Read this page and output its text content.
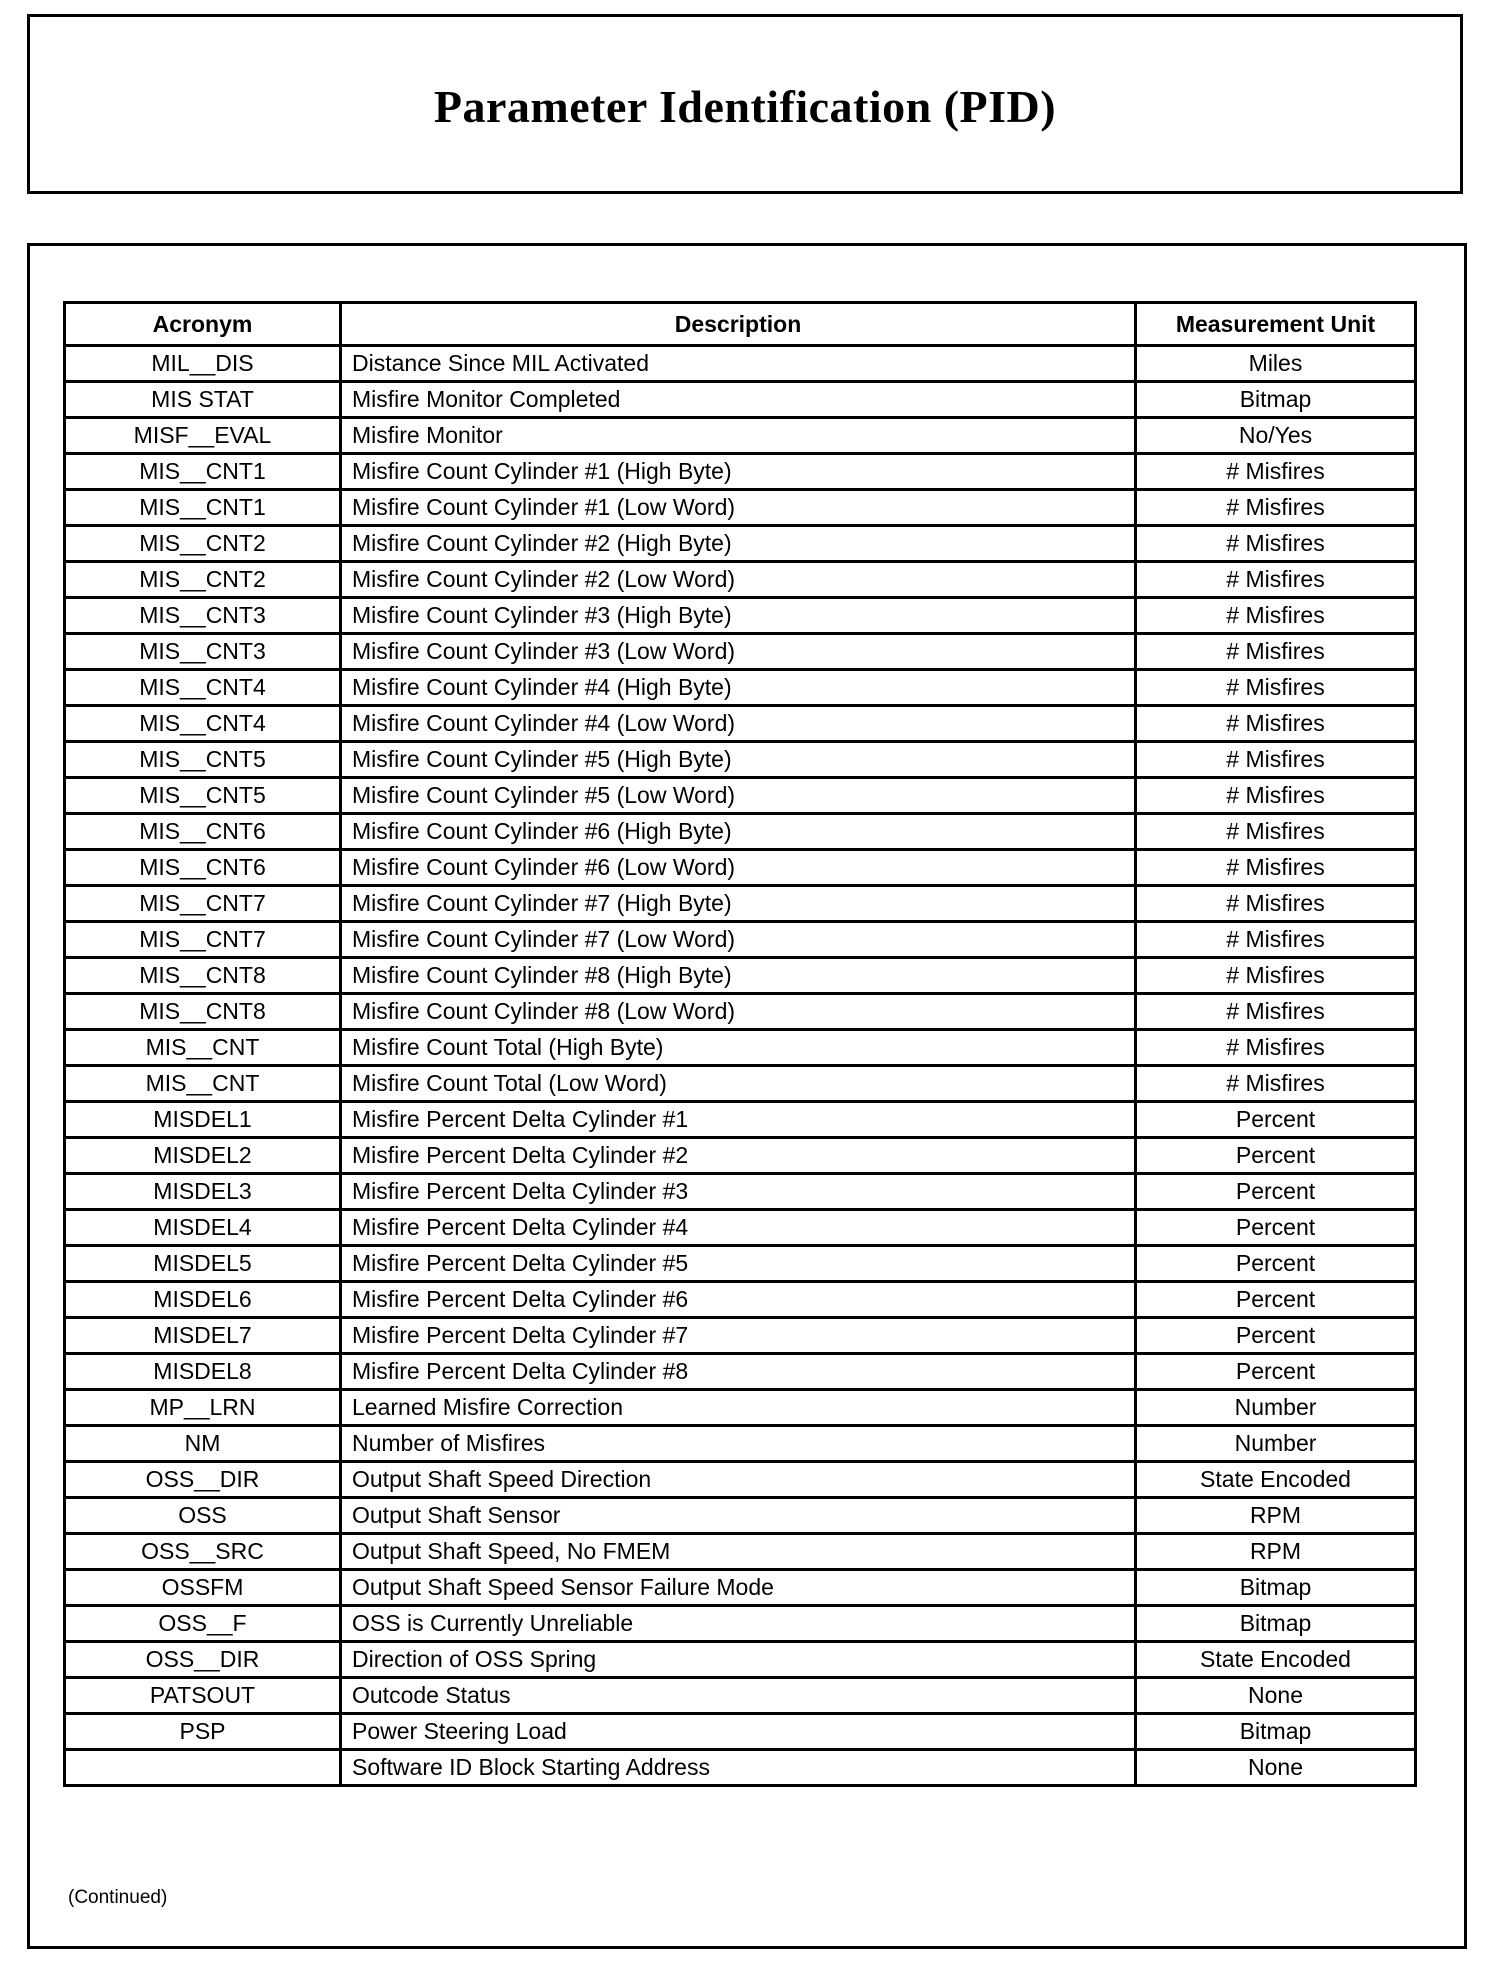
Parameter Identification (PID)
Acronym	Description	Measurement Unit
MIL__DIS	Distance Since MIL Activated	Miles
MIS STAT	Misfire Monitor Completed	Bitmap
MISF__EVAL	Misfire Monitor	No/Yes
MIS__CNT1	Misfire Count Cylinder #1 (High Byte)	# Misfires
MIS__CNT1	Misfire Count Cylinder #1 (Low Word)	# Misfires
MIS__CNT2	Misfire Count Cylinder #2 (High Byte)	# Misfires
MIS__CNT2	Misfire Count Cylinder #2 (Low Word)	# Misfires
MIS__CNT3	Misfire Count Cylinder #3 (High Byte)	# Misfires
MIS__CNT3	Misfire Count Cylinder #3 (Low Word)	# Misfires
MIS__CNT4	Misfire Count Cylinder #4 (High Byte)	# Misfires
MIS__CNT4	Misfire Count Cylinder #4 (Low Word)	# Misfires
MIS__CNT5	Misfire Count Cylinder #5 (High Byte)	# Misfires
MIS__CNT5	Misfire Count Cylinder #5 (Low Word)	# Misfires
MIS__CNT6	Misfire Count Cylinder #6 (High Byte)	# Misfires
MIS__CNT6	Misfire Count Cylinder #6 (Low Word)	# Misfires
MIS__CNT7	Misfire Count Cylinder #7 (High Byte)	# Misfires
MIS__CNT7	Misfire Count Cylinder #7 (Low Word)	# Misfires
MIS__CNT8	Misfire Count Cylinder #8 (High Byte)	# Misfires
MIS__CNT8	Misfire Count Cylinder #8 (Low Word)	# Misfires
MIS__CNT	Misfire Count Total (High Byte)	# Misfires
MIS__CNT	Misfire Count Total (Low Word)	# Misfires
MISDEL1	Misfire Percent Delta Cylinder #1	Percent
MISDEL2	Misfire Percent Delta Cylinder #2	Percent
MISDEL3	Misfire Percent Delta Cylinder #3	Percent
MISDEL4	Misfire Percent Delta Cylinder #4	Percent
MISDEL5	Misfire Percent Delta Cylinder #5	Percent
MISDEL6	Misfire Percent Delta Cylinder #6	Percent
MISDEL7	Misfire Percent Delta Cylinder #7	Percent
MISDEL8	Misfire Percent Delta Cylinder #8	Percent
MP__LRN	Learned Misfire Correction	Number
NM	Number of Misfires	Number
OSS__DIR	Output Shaft Speed Direction	State Encoded
OSS	Output Shaft Sensor	RPM
OSS__SRC	Output Shaft Speed, No FMEM	RPM
OSSFM	Output Shaft Speed Sensor Failure Mode	Bitmap
OSS__F	OSS is Currently Unreliable	Bitmap
OSS__DIR	Direction of OSS Spring	State Encoded
PATSOUT	Outcode Status	None
PSP	Power Steering Load	Bitmap
	Software ID Block Starting Address	None
(Continued)
